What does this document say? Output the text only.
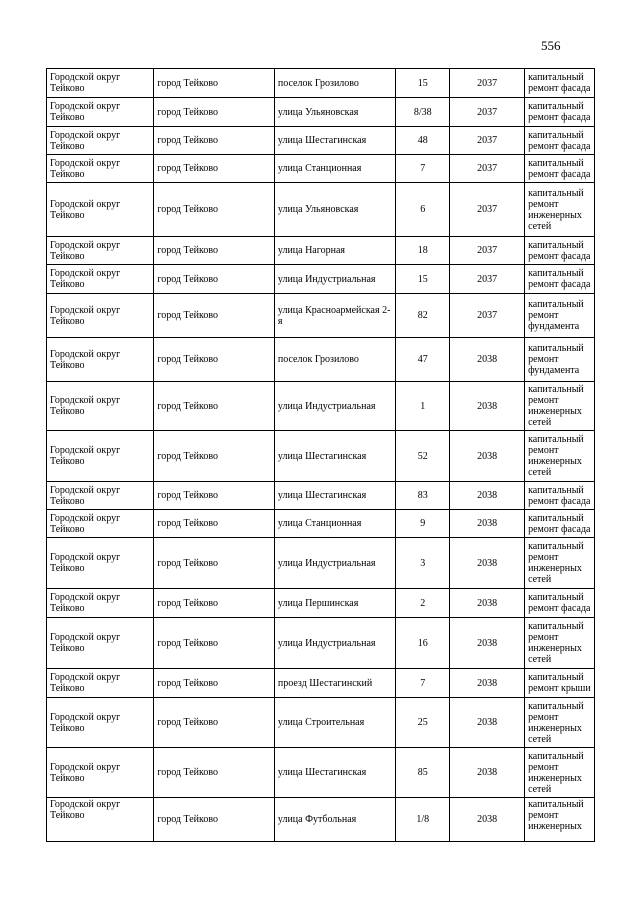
556
Городской округ Тейково	город Тейково	поселок Грозилово	15	2037	капитальный ремонт фасада
Городской округ Тейково	город Тейково	улица Ульяновская	8/38	2037	капитальный ремонт фасада
Городской округ Тейково	город Тейково	улица Шестагинская	48	2037	капитальный ремонт фасада
Городской округ Тейково	город Тейково	улица Станционная	7	2037	капитальный ремонт фасада
Городской округ Тейково	город Тейково	улица Ульяновская	6	2037	капитальный ремонт инженерных сетей
Городской округ Тейково	город Тейково	улица Нагорная	18	2037	капитальный ремонт фасада
Городской округ Тейково	город Тейково	улица Индустриальная	15	2037	капитальный ремонт фасада
Городской округ Тейково	город Тейково	улица Красноармейская 2-я	82	2037	капитальный ремонт фундамента
Городской округ Тейково	город Тейково	поселок Грозилово	47	2038	капитальный ремонт фундамента
Городской округ Тейково	город Тейково	улица Индустриальная	1	2038	капитальный ремонт инженерных сетей
Городской округ Тейково	город Тейково	улица Шестагинская	52	2038	капитальный ремонт инженерных сетей
Городской округ Тейково	город Тейково	улица Шестагинская	83	2038	капитальный ремонт фасада
Городской округ Тейково	город Тейково	улица Станционная	9	2038	капитальный ремонт фасада
Городской округ Тейково	город Тейково	улица Индустриальная	3	2038	капитальный ремонт инженерных сетей
Городской округ Тейково	город Тейково	улица Першинская	2	2038	капитальный ремонт фасада
Городской округ Тейково	город Тейково	улица Индустриальная	16	2038	капитальный ремонт инженерных сетей
Городской округ Тейково	город Тейково	проезд Шестагинский	7	2038	капитальный ремонт крыши
Городской округ Тейково	город Тейково	улица Строительная	25	2038	капитальный ремонт инженерных сетей
Городской округ Тейково	город Тейково	улица Шестагинская	85	2038	капитальный ремонт инженерных сетей
Городской округ Тейково	город Тейково	улица Футбольная	1/8	2038	капитальный ремонт инженерных
